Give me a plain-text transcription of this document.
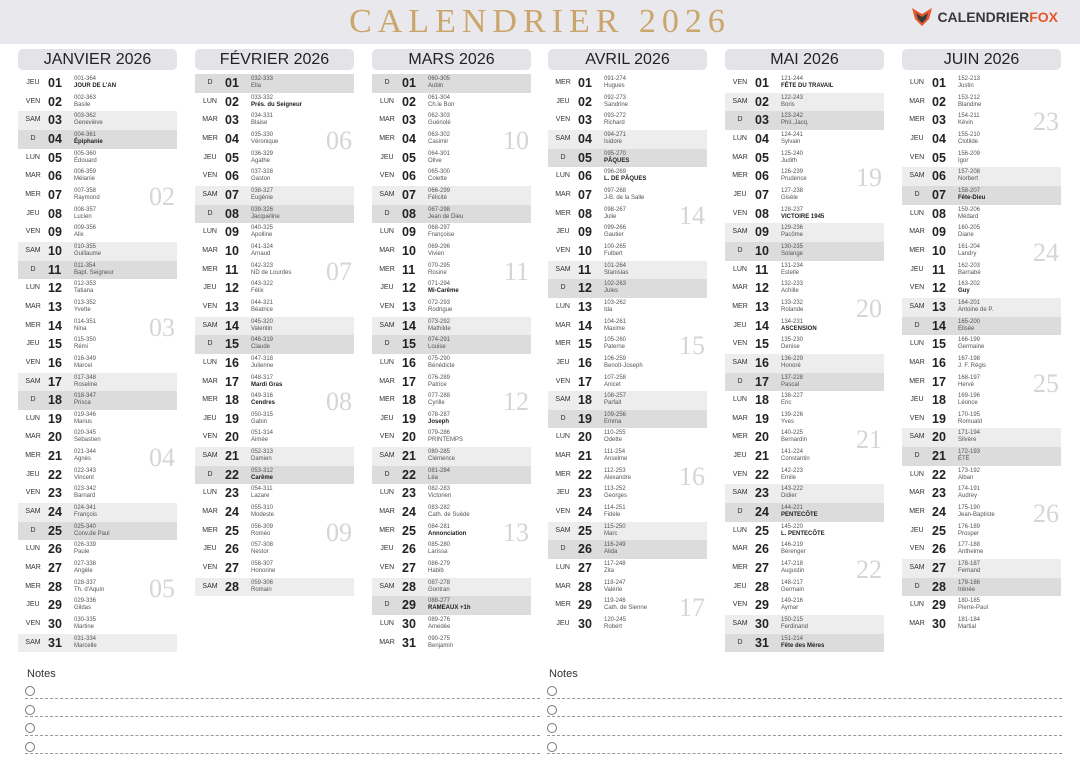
CALENDRIER 2026	CALENDRIER FOX
JANVIER 2026
JEU 01 001-364
JOUR DE L'AN
VEN 02 002-363
Basile
SAM 03 003-362
Geneviève
D 04 004-361
Épiphanie
LUN 05 005-360
Édouard
MAR 06 006-359
Mélanie
MER 07 007-358
Raymond
JEU 08 008-357
Lucien
VEN 09 009-356
Alix
SAM 10 010-355
Guillaume
D 11 011-354
Bapt. Seigneur
LUN 12 012-353
Tatiana
MAR 13 013-352
Yvette
MER 14 014-351
Nina
JEU 15 015-350
Rémi
VEN 16 016-349
Marcel
SAM 17 017-348
Roseline
D 18 018-347
Prisca
LUN 19 019-346
Marius
MAR 20 020-345
Sébastien
MER 21 021-344
Agnès
JEU 22 022-343
Vincent
VEN 23 023-342
Barnard
SAM 24 024-341
François
D 25 025-340
Conv.de Paul
LUN 26 026-339
Paule
MAR 27 027-338
Angèle
MER 28 028-337
Th. d'Aquin
JEU 29 029-336
Gildas
VEN 30 030-335
Martine
SAM 31 031-334
Marcelle
02
03
04
05
FÉVRIER 2026
D 01 032-333
Ella
LUN 02 033-332
Prés. du Seigneur
MAR 03 034-331
Blaise
MER 04 035-330
Véronique
JEU 05 036-329
Agathe
VEN 06 037-328
Gaston
SAM 07 038-327
Eugénie
D 08 039-326
Jacqueline
LUN 09 040-325
Apolline
MAR 10 041-324
Arnaud
MER 11 042-323
ND de Lourdes
JEU 12 043-322
Félix
VEN 13 044-321
Béatrice
SAM 14 045-320
Valentin
D 15 046-319
Claude
LUN 16 047-318
Julienne
MAR 17 048-317
Mardi Gras
MER 18 049-316
Cendres
JEU 19 050-315
Gabin
VEN 20 051-314
Aimée
SAM 21 052-313
Damien
D 22 053-312
Carême
LUN 23 054-311
Lazare
MAR 24 055-310
Modeste
MER 25 056-309
Roméo
JEU 26 057-308
Nestor
VEN 27 058-307
Honorine
SAM 28 059-306
Romain
06
07
08
09
MARS 2026
D 01 060-305
Aubin
LUN 02 061-304
Ch.le Bon
MAR 03 062-303
Guénolé
MER 04 063-302
Casimir
JEU 05 064-301
Olive
VEN 06 065-300
Colette
SAM 07 066-299
Félicité
D 08 067-298
Jean de Dieu
LUN 09 068-297
Françoise
MAR 10 069-296
Vivien
MER 11 070-295
Rosine
JEU 12 071-294
Mi-Carême
VEN 13 072-293
Rodrigue
SAM 14 073-292
Mathilde
D 15 074-291
Louise
LUN 16 075-290
Bénédicte
MAR 17 076-289
Patrice
MER 18 077-288
Cyrille
JEU 19 078-287
Joseph
VEN 20 079-286
PRINTEMPS
SAM 21 080-285
Clémence
D 22 081-284
Léa
LUN 23 082-283
Victorien
MAR 24 083-282
Cath. de Suède
MER 25 084-281
Annonciation
JEU 26 085-280
Larissa
VEN 27 086-279
Habib
SAM 28 087-278
Gontran
D 29 088-277
RAMEAUX +1h
LUN 30 089-276
Amédée
MAR 31 090-275
Benjamin
10
11
12
13
AVRIL 2026
MER 01 091-274
Hugues
JEU 02 092-273
Sandrine
VEN 03 093-272
Richard
SAM 04 094-271
Isidore
D 05 095-270
PÂQUES
LUN 06 096-269
L. DE PÂQUES
MAR 07 097-268
J-B. de la Salle
MER 08 098-267
Julie
JEU 09 099-266
Gautier
VEN 10 100-265
Fulbert
SAM 11 101-264
Stanislas
D 12 102-263
Jules
LUN 13 103-262
Ida
MAR 14 104-261
Maxime
MER 15 105-260
Paterne
JEU 16 106-259
Benoît-Joseph
VEN 17 107-258
Anicet
SAM 18 108-257
Parfait
D 19 109-256
Emma
LUN 20 110-255
Odette
MAR 21 111-254
Anselme
MER 22 112-253
Alexandre
JEU 23 113-252
Georges
VEN 24 114-251
Fidèle
SAM 25 115-250
Marc
D 26 116-249
Alida
LUN 27 117-248
Zita
MAR 28 118-247
Valérie
MER 29 119-246
Cath. de Sienne
JEU 30 120-245
Robert
14
15
16
17
MAI 2026
VEN 01 121-244
FÊTE DU TRAVAIL
SAM 02 122-243
Boris
D 03 123-242
Phil.,Jacq.
LUN 04 124-241
Sylvain
MAR 05 125-240
Judith
MER 06 126-239
Prudence
JEU 07 127-238
Gisèle
VEN 08 128-237
VICTOIRE 1945
SAM 09 129-236
Pacôme
D 10 130-235
Solange
LUN 11 131-234
Estelle
MAR 12 132-233
Achille
MER 13 133-232
Rolande
JEU 14 134-231
ASCENSION
VEN 15 135-230
Denise
SAM 16 136-229
Honoré
D 17 137-228
Pascal
LUN 18 138-227
Eric
MAR 19 139-226
Yves
MER 20 140-225
Bernardin
JEU 21 141-224
Constantin
VEN 22 142-223
Emile
SAM 23 143-222
Didier
D 24 144-221
PENTECÔTE
LUN 25 145-220
L. PENTECÔTE
MAR 26 146-219
Bérenger
MER 27 147-218
Augustin
JEU 28 148-217
Germain
VEN 29 149-216
Aymar
SAM 30 150-215
Ferdinand
D 31 151-214
Fête des Mères
19
20
21
22
JUIN 2026
LUN 01 152-213
Justin
MAR 02 153-212
Blandine
MER 03 154-211
Kévin
JEU 04 155-210
Clotilde
VEN 05 156-209
Igor
SAM 06 157-208
Norbert
D 07 158-207
Fête-Dieu
LUN 08 159-206
Médard
MAR 09 160-205
Diane
MER 10 161-204
Landry
JEU 11 162-203
Barnabé
VEN 12 163-202
Guy
SAM 13 164-201
Antoine de P.
D 14 165-200
Elisée
LUN 15 166-199
Germaine
MAR 16 167-198
J. F. Régis
MER 17 168-197
Hervé
JEU 18 169-196
Léonce
VEN 19 170-195
Romuald
SAM 20 171-194
Silvère
D 21 172-193
ÉTÉ
LUN 22 173-192
Alban
MAR 23 174-191
Audrey
MER 24 175-190
Jean-Baptiste
JEU 25 176-189
Prosper
VEN 26 177-188
Anthelme
SAM 27 178-187
Fernand
D 28 179-186
Irénée
LUN 29 180-185
Pierre-Paul
MAR 30 181-184
Martial
23
24
25
26
Notes	Notes
